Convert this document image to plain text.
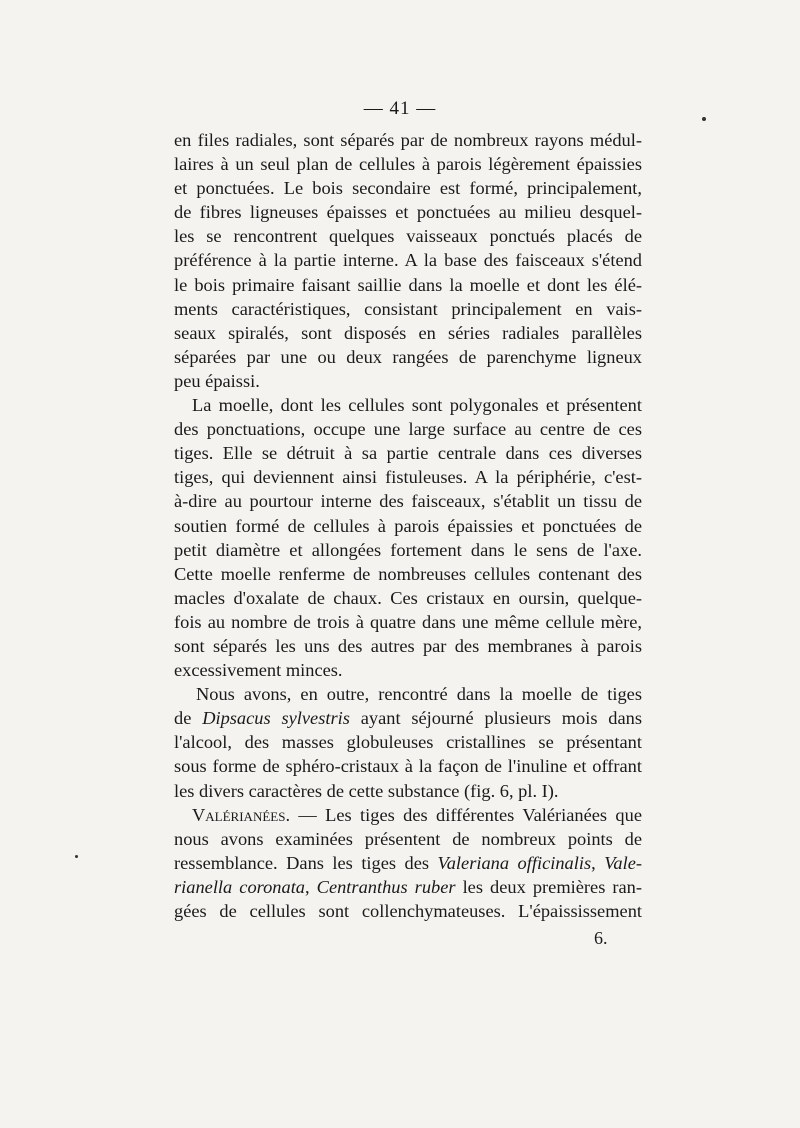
— 41 —
en files radiales, sont séparés par de nombreux rayons médul-
laires à un seul plan de cellules à parois légèrement épaissies
et ponctuées. Le bois secondaire est formé, principalement,
de fibres ligneuses épaisses et ponctuées au milieu desquel-
les se rencontrent quelques vaisseaux ponctués placés de
préférence à la partie interne. A la base des faisceaux s'étend
le bois primaire faisant saillie dans la moelle et dont les élé-
ments caractéristiques, consistant principalement en vais-
seaux spiralés, sont disposés en séries radiales parallèles
séparées par une ou deux rangées de parenchyme ligneux
peu épaissi.
La moelle, dont les cellules sont polygonales et présentent
des ponctuations, occupe une large surface au centre de ces
tiges. Elle se détruit à sa partie centrale dans ces diverses
tiges, qui deviennent ainsi fistuleuses. A la périphérie, c'est-
à-dire au pourtour interne des faisceaux, s'établit un tissu de
soutien formé de cellules à parois épaissies et ponctuées de
petit diamètre et allongées fortement dans le sens de l'axe.
Cette moelle renferme de nombreuses cellules contenant des
macles d'oxalate de chaux. Ces cristaux en oursin, quelque-
fois au nombre de trois à quatre dans une même cellule mère,
sont séparés les uns des autres par des membranes à parois
excessivement minces.
Nous avons, en outre, rencontré dans la moelle de tiges
de Dipsacus sylvestris ayant séjourné plusieurs mois dans
l'alcool, des masses globuleuses cristallines se présentant
sous forme de sphéro-cristaux à la façon de l'inuline et offrant
les divers caractères de cette substance (fig. 6, pl. I).
Valérianées. — Les tiges des différentes Valérianées que
nous avons examinées présentent de nombreux points de
ressemblance. Dans les tiges des Valeriana officinalis, Vale-
rianella coronata, Centranthus ruber les deux premières ran-
gées de cellules sont collenchymateuses. L'épaississement
6.
